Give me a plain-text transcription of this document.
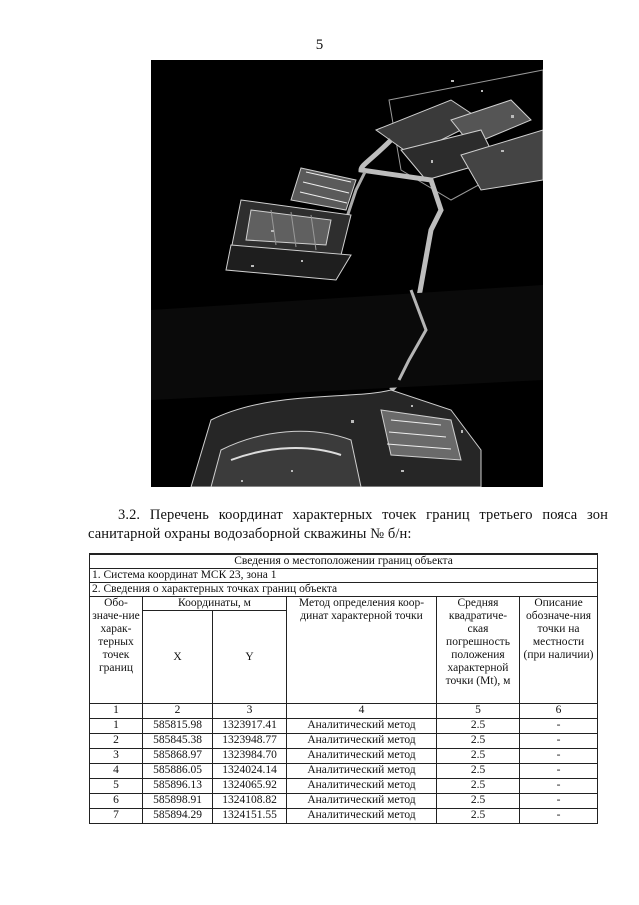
5
3.2. Перечень координат характерных точек границ третьего пояса зон санитарной охраны водозаборной скважины № б/н:
Сведения о местоположении границ объекта					
1. Система координат МСК 23, зона 1					
2. Сведения о характерных точках границ объекта					
Обо-значе-ние харак-терных точек границ	Координаты, м		Метод определения коор-динат характерной точки	Средняя квадратиче-ская погрешность положения характерной точки (Mt), м	Описание обозначе-ния точки на местности (при наличии)
	X	Y			
1	2	3	4	5	6
1	585815.98	1323917.41	Аналитический метод	2.5	-
2	585845.38	1323948.77	Аналитический метод	2.5	-
3	585868.97	1323984.70	Аналитический метод	2.5	-
4	585886.05	1324024.14	Аналитический метод	2.5	-
5	585896.13	1324065.92	Аналитический метод	2.5	-
6	585898.91	1324108.82	Аналитический метод	2.5	-
7	585894.29	1324151.55	Аналитический метод	2.5	-
